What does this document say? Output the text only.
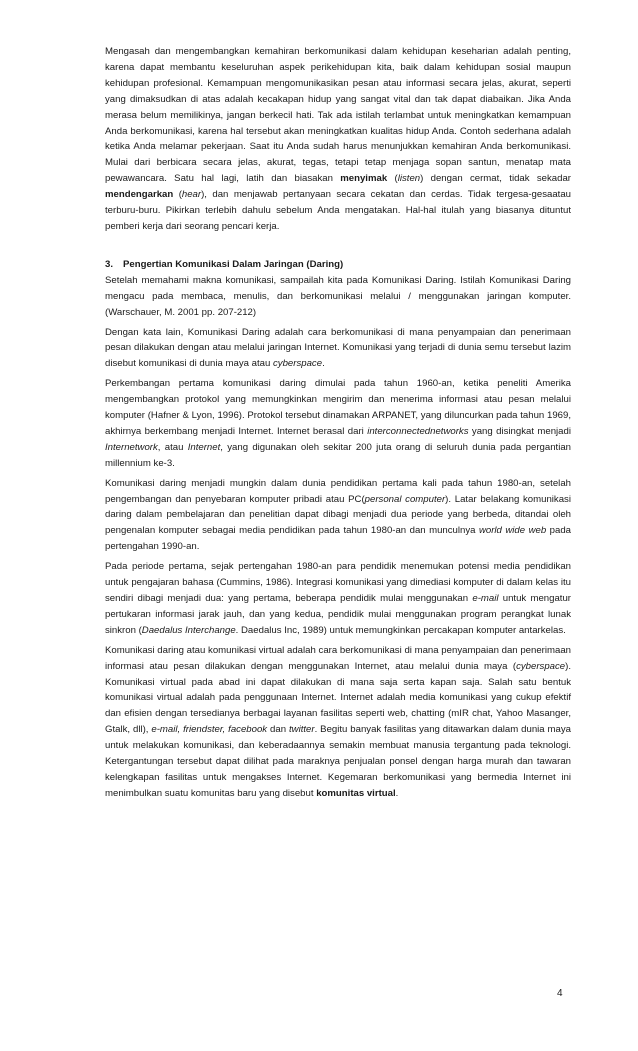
Mengasah dan mengembangkan kemahiran berkomunikasi dalam kehidupan keseharian adalah penting, karena dapat membantu keseluruhan aspek perikehidupan kita, baik dalam kehidupan sosial maupun kehidupan profesional. Kemampuan mengomunikasikan pesan atau informasi secara jelas, akurat, seperti yang dimaksudkan di atas adalah kecakapan hidup yang sangat vital dan tak dapat diabaikan. Jika Anda merasa belum memilikinya, jangan berkecil hati. Tak ada istilah terlambat untuk meningkatkan kemampuan Anda berkomunikasi, karena hal tersebut akan meningkatkan kualitas hidup Anda. Contoh sederhana adalah ketika Anda melamar pekerjaan. Saat itu Anda sudah harus menunjukkan kemahiran Anda berkomunikasi. Mulai dari berbicara secara jelas, akurat, tegas, tetapi tetap menjaga sopan santun, menatap mata pewawancara. Satu hal lagi, latih dan biasakan menyimak (listen) dengan cermat, tidak sekadar mendengarkan (hear), dan menjawab pertanyaan secara cekatan dan cerdas. Tidak tergesa-gesaatau terburu-buru. Pikirkan terlebih dahulu sebelum Anda mengatakan. Hal-hal itulah yang biasanya dituntut pemberi kerja dari seorang pencari kerja.

3. Pengertian Komunikasi Dalam Jaringan (Daring)

Setelah memahami makna komunikasi, sampailah kita pada Komunikasi Daring. Istilah Komunikasi Daring mengacu pada membaca, menulis, dan berkomunikasi melalui / menggunakan jaringan komputer. (Warschauer, M. 2001 pp. 207-212)

Dengan kata lain, Komunikasi Daring adalah cara berkomunikasi di mana penyampaian dan penerimaan pesan dilakukan dengan atau melalui jaringan Internet. Komunikasi yang terjadi di dunia semu tersebut lazim disebut komunikasi di dunia maya atau cyberspace.

Perkembangan pertama komunikasi daring dimulai pada tahun 1960-an, ketika peneliti Amerika mengembangkan protokol yang memungkinkan mengirim dan menerima informasi atau pesan melalui komputer (Hafner & Lyon, 1996). Protokol tersebut dinamakan ARPANET, yang diluncurkan pada tahun 1969, akhirnya berkembang menjadi Internet. Internet berasal dari interconnectednetworks yang disingkat menjadi Internetwork, atau Internet, yang digunakan oleh sekitar 200 juta orang di seluruh dunia pada pergantian millennium ke-3.

Komunikasi daring menjadi mungkin dalam dunia pendidikan pertama kali pada tahun 1980-an, setelah pengembangan dan penyebaran komputer pribadi atau PC(personal computer). Latar belakang komunikasi daring dalam pembelajaran dan penelitian dapat dibagi menjadi dua periode yang berbeda, ditandai oleh pengenalan komputer sebagai media pendidikan pada tahun 1980-an dan munculnya world wide web pada pertengahan 1990-an.

Pada periode pertama, sejak pertengahan 1980-an para pendidik menemukan potensi media pendidikan untuk pengajaran bahasa (Cummins, 1986). Integrasi komunikasi yang dimediasi komputer di dalam kelas itu sendiri dibagi menjadi dua: yang pertama, beberapa pendidik mulai menggunakan e-mail untuk mengatur pertukaran informasi jarak jauh, dan yang kedua, pendidik mulai menggunakan program perangkat lunak sinkron (Daedalus Interchange. Daedalus Inc, 1989) untuk memungkinkan percakapan komputer antarkelas.

Komunikasi daring atau komunikasi virtual adalah cara berkomunikasi di mana penyampaian dan penerimaan informasi atau pesan dilakukan dengan menggunakan Internet, atau melalui dunia maya (cyberspace). Komunikasi virtual pada abad ini dapat dilakukan di mana saja serta kapan saja. Salah satu bentuk komunikasi virtual adalah pada penggunaan Internet. Internet adalah media komunikasi yang cukup efektif dan efisien dengan tersedianya berbagai layanan fasilitas seperti web, chatting (mIR chat, Yahoo Masanger, Gtalk, dll), e-mail, friendster, facebook dan twitter. Begitu banyak fasilitas yang ditawarkan dalam dunia maya untuk melakukan komunikasi, dan keberadaannya semakin membuat manusia tergantung pada teknologi. Ketergantungan tersebut dapat dilihat pada maraknya penjualan ponsel dengan harga murah dan tawaran kelengkapan fasilitas untuk mengakses Internet. Kegemaran berkomunikasi yang bermedia Internet ini menimbulkan suatu komunitas baru yang disebut komunitas virtual.

4
